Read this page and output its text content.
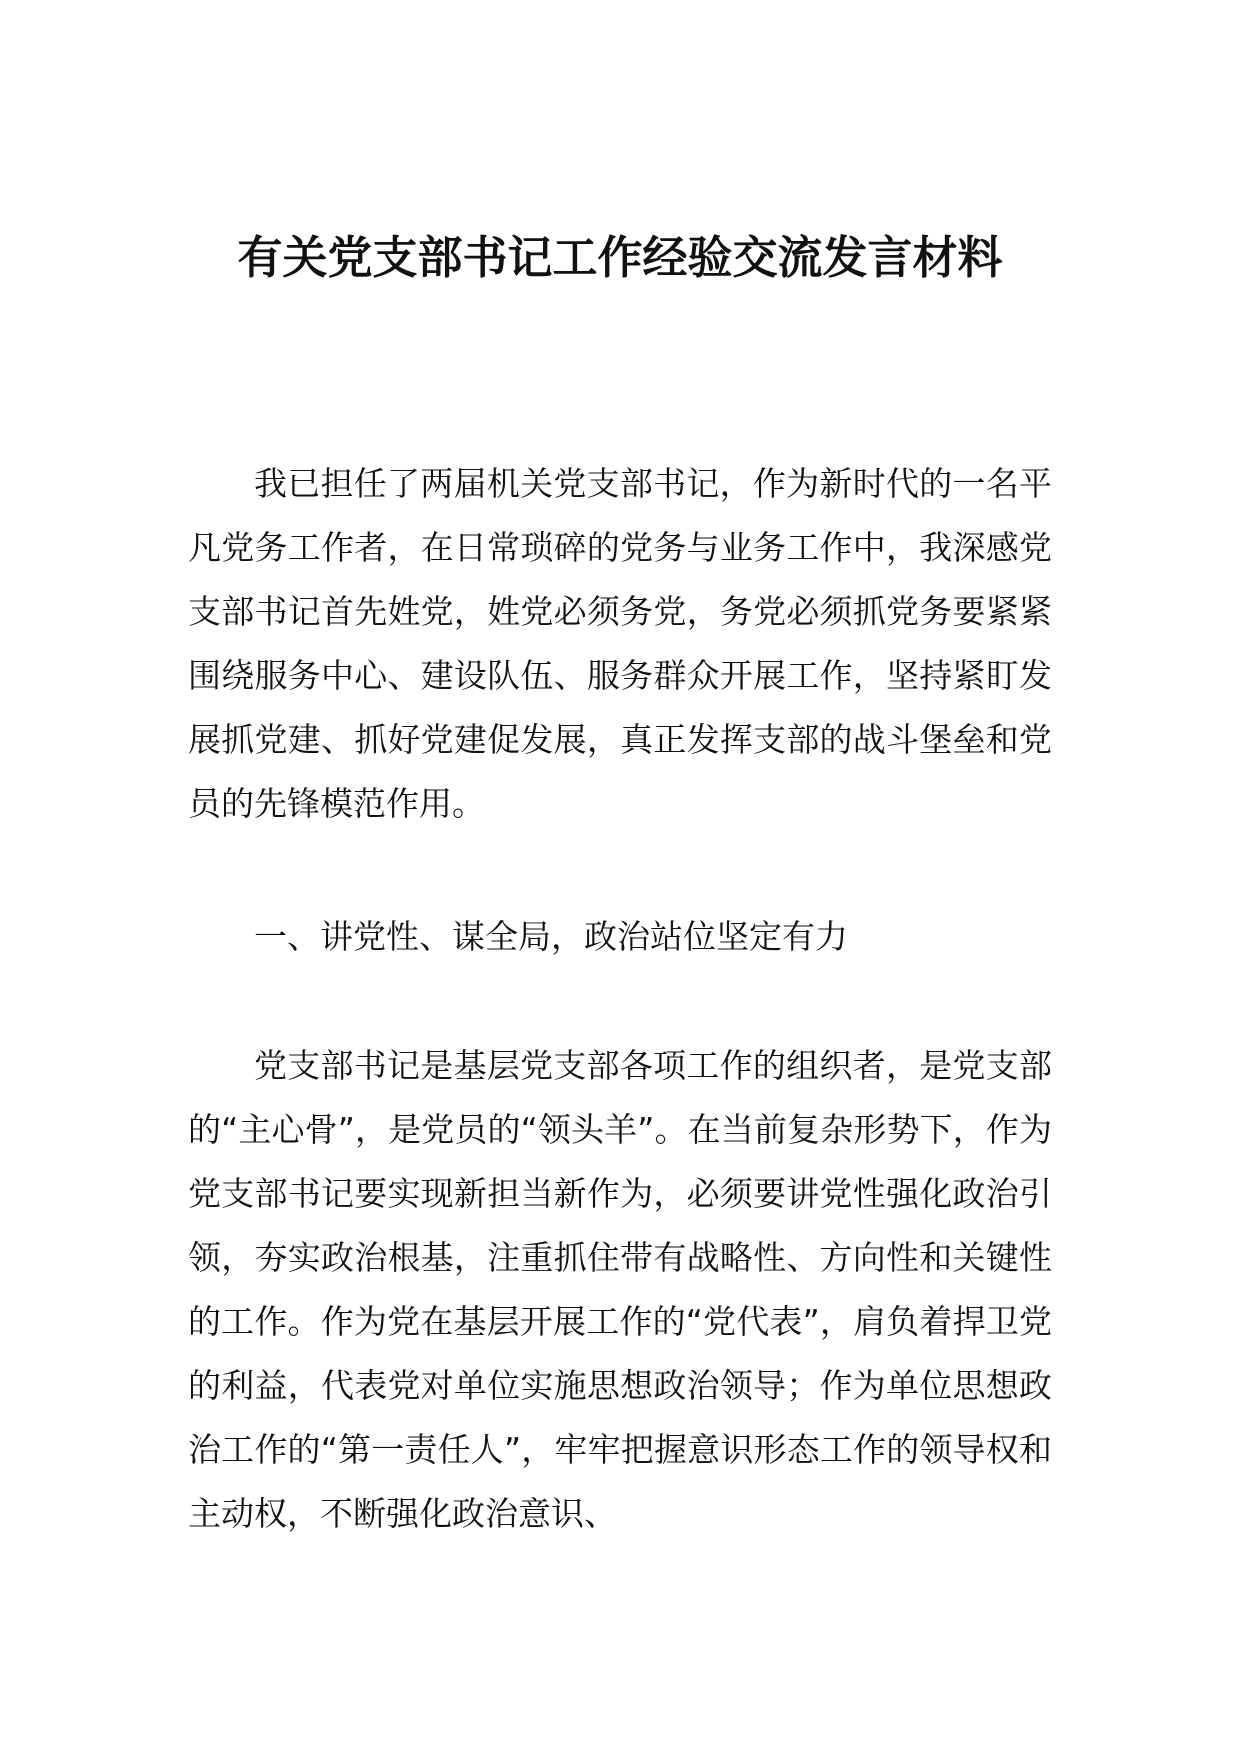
有关党支部书记工作经验交流发言材料

我已担任了两届机关党支部书记，作为新时代的一名平凡党务工作者，在日常琐碎的党务与业务工作中，我深感党支部书记首先姓党，姓党必须务党，务党必须抓党务要紧紧围绕服务中心、建设队伍、服务群众开展工作，坚持紧盯发展抓党建、抓好党建促发展，真正发挥支部的战斗堡垒和党员的先锋模范作用。

一、讲党性、谋全局，政治站位坚定有力

党支部书记是基层党支部各项工作的组织者，是党支部的“主心骨”，是党员的“领头羊”。在当前复杂形势下，作为党支部书记要实现新担当新作为，必须要讲党性强化政治引领，夯实政治根基，注重抓住带有战略性、方向性和关键性的工作。作为党在基层开展工作的“党代表”，肩负着捍卫党的利益，代表党对单位实施思想政治领导；作为单位思想政治工作的“第一责任人”，牢牢把握意识形态工作的领导权和主动权，不断强化政治意识、
